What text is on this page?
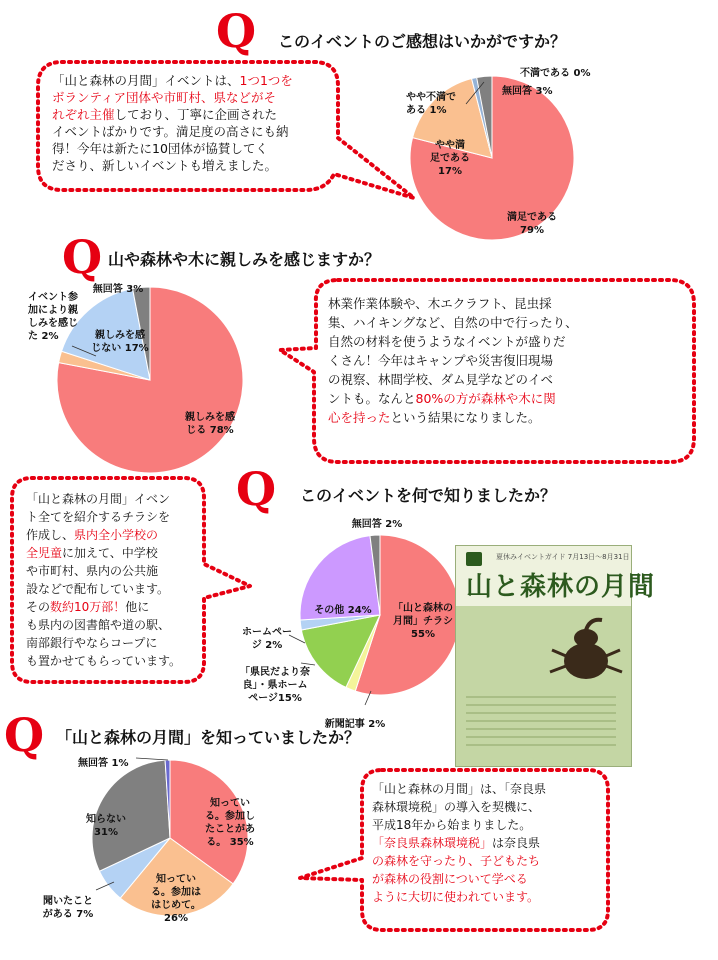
Q このイベントのご感想はいかがですか？
「山と森林の月間」イベントは、1つ1つを
ボランティア団体や市町村、県などがそ
れぞれ主催しており、丁寧に企画された
イベントばかりです。満足度の高さにも納
得！今年は新たに10団体が協賛してく
ださり、新しいイベントも増えました。
満足である 79%
やや満足である 17%
やや不満である 1%
不満である 0%
無回答 3%
Q 山や森林や木に親しみを感じますか？
親しみを感じる 78%
イベント参加により親しみを感じた 2%	親しみを感じない 17%
無回答 3%
林業作業体験や、木エクラフト、昆虫採
集、ハイキングなど、自然の中で行ったり、
自然の材料を使うようなイベントが盛りだ
くさん！今年はキャンプや災害復旧現場
の視察、林間学校、ダム見学などのイベ
ントも。なんと80%の方が森林や木に関
心を持ったという結果になりました。
Q このイベントを何で知りましたか？
「山と森林の月間」イベン
ト全てを紹介するチラシを
作成し、県内全小学校の
全児童に加えて、中学校
や市町村、県内の公共施
設などで配布しています。
その数約10万部！他に
も県内の図書館や道の駅、
南部銀行やならコープに
も置かせてもらっています。
「山と森林の月間」チラシ 55%
新聞記事 2%
「県民だより奈良」・県ホームページ15%
ホームページ 2%
その他 24%
無回答 2%
夏休みイベントガイド 7月13日～8月31日
山と森林の月間
Q 「山と森林の月間」を知っていましたか？
知っている。参加したことがある。 35%
知っている。参加ははじめて。 26%
聞いたことがある 7%
知らない 31%
無回答 1%
「山と森林の月間」は、「奈良県
森林環境税」の導入を契機に、
平成18年から始まりました。
「奈良県森林環境税」は奈良県
の森林を守ったり、子どもたち
が森林の役割について学べる
ように大切に使われています。
